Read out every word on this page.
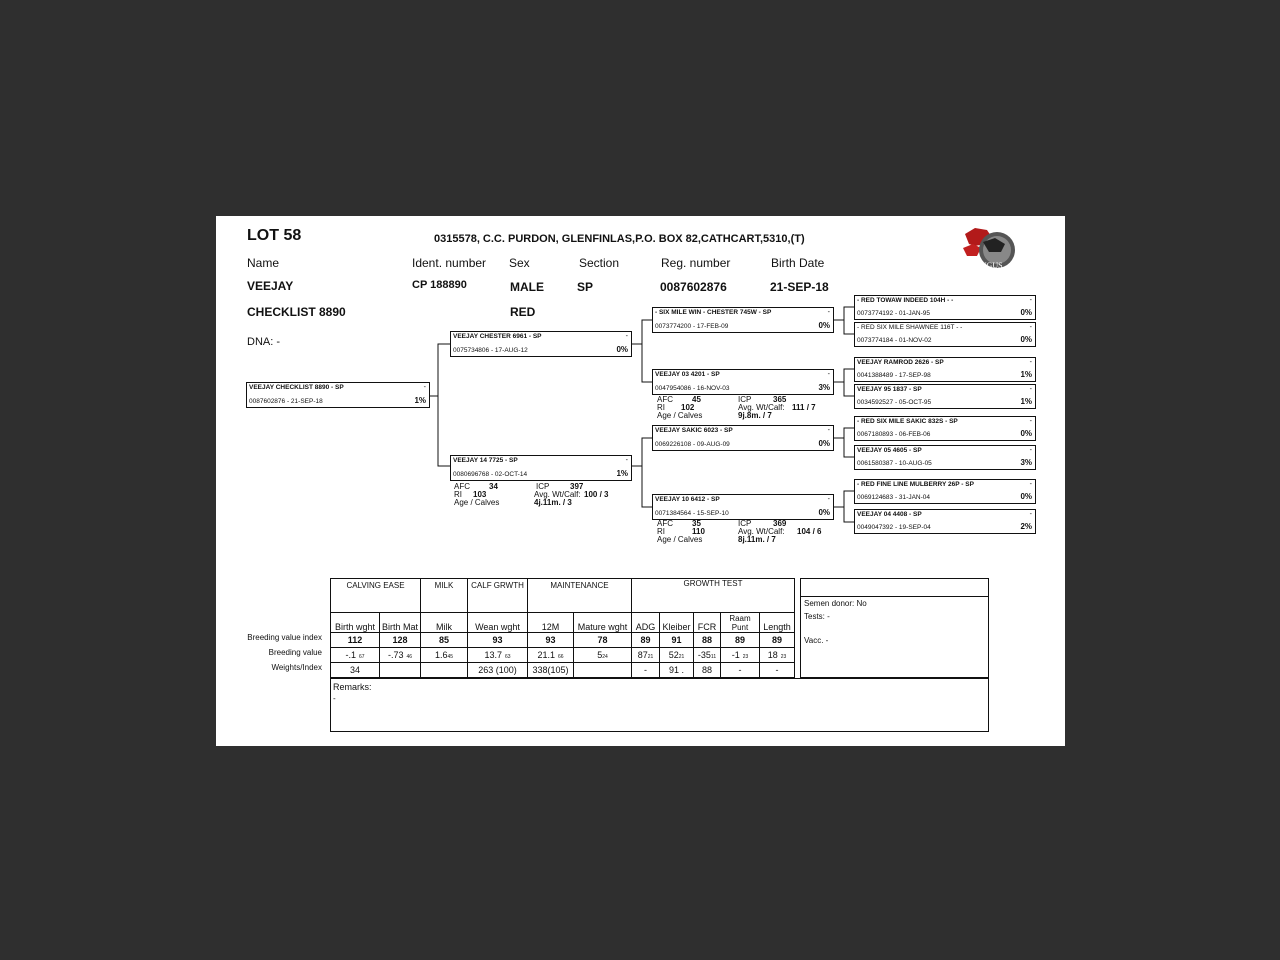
LOT 58	0315578, C.C. PURDON, GLENFINLAS,P.O. BOX 82,CATHCART,5310,(T)
ANGUS
Name	Ident. number Sex	Section	Reg. number	Birth Date
VEEJAY
CHECKLIST 8890
CP 188890	MALE
RED
SP	0087602876	21-SEP-18
DNA: -
VEEJAY CHECKLIST 8890 - SP	-
0087602876 - 21-SEP-18	1%
VEEJAY CHESTER 6961 - SP	-
0075734806 - 17-AUG-12	0%
VEEJAY 14 7725 - SP	-
0080696768 - 02-OCT-14	1%
AFC 34	ICP	397
RI 103	Avg. Wt/Calf: 100 / 3
Age / Calves	4j.11m. / 3
- SIX MILE WIN - CHESTER 745W - SP	-
0073774200 - 17-FEB-09	0%
VEEJAY 03 4201 - SP	-
0047954086 - 16-NOV-03	3%
AFC 45	ICP	365
RI 102	Avg. Wt/Calf: 111 / 7
Age / Calves	9j.8m. / 7
VEEJAY SAKIC 6023 - SP	-
0069226108 - 09-AUG-09	0%
VEEJAY 10 6412 - SP	-
0071384564 - 15-SEP-10	0%
AFC 35	ICP	369
RI	110	Avg. Wt/Calf: 104 / 6
Age / Calves	8j.11m. / 7
- RED TOWAW INDEED 104H - -	-
0073774192 - 01-JAN-95	0%
- RED SIX MILE SHAWNEE 116T - -	-
0073774184 - 01-NOV-02	0%
VEEJAY RAMROD 2626 - SP	-
0041388489 - 17-SEP-98	1%
VEEJAY 95 1837 - SP	-
0034592527 - 05-OCT-95	1%
- RED SIX MILE SAKIC 832S - SP	-
0067180893 - 06-FEB-06	0%
VEEJAY 05 4605 - SP	-
0061580387 - 10-AUG-05	3%
- RED FINE LINE MULBERRY 26P - SP	-
0069124683 - 31-JAN-04	0%
VEEJAY 04 4408 - SP	-
0049047392 - 19-SEP-04	2%
Breeding value index
Breeding value
Weights/Index
CALVING EASE		MILK	CALF GRWTH	MAINTENANCE		GROWTH TEST				
Birth wght	Birth Mat	Milk	Wean wght	12M	Mature wght	ADG	Kleiber	FCR	Raam Punt	Length
112	128	85	93	93	78	89	91	88	89	89
-.1 67	-.73 46	1.645	13.7 63	21.1 66	524	8721	5221	-3511	-1 23	18 23
34			263 (100)	338(105)		-	91 .	88	-	-
Semen donor: No
Tests: -
Vacc. -
Remarks:
-
